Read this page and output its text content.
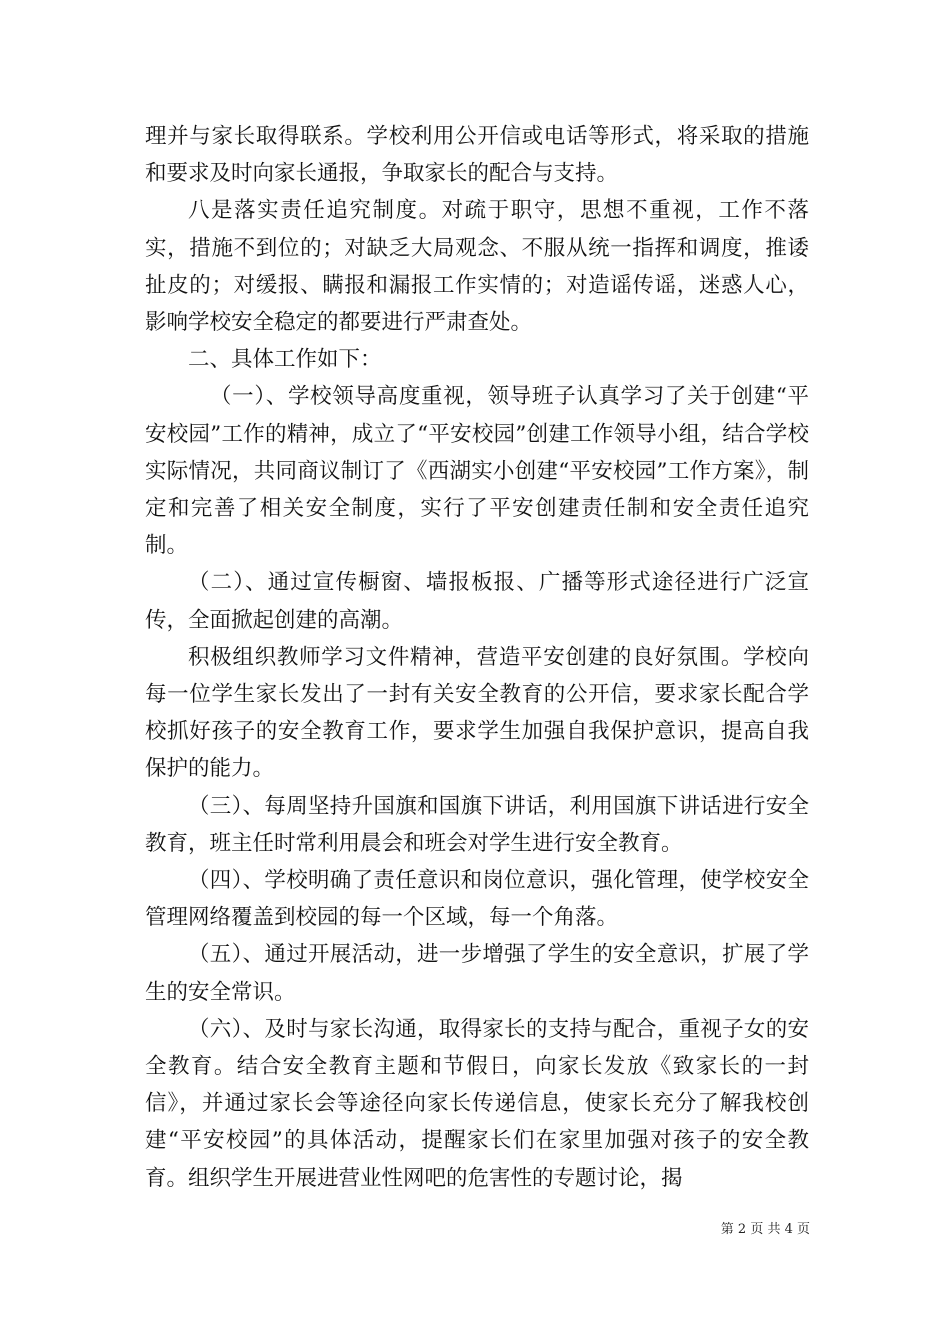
理并与家长取得联系。学校利用公开信或电话等形式，将采取的措施和要求及时向家长通报，争取家长的配合与支持。

八是落实责任追究制度。对疏于职守，思想不重视，工作不落实，措施不到位的；对缺乏大局观念、不服从统一指挥和调度，推诿扯皮的；对缓报、瞒报和漏报工作实情的；对造谣传谣，迷惑人心，影响学校安全稳定的都要进行严肃查处。

二、具体工作如下：

（一）、学校领导高度重视，领导班子认真学习了关于创建“平安校园”工作的精神，成立了“平安校园”创建工作领导小组，结合学校实际情况，共同商议制订了《西湖实小创建“平安校园”工作方案》，制定和完善了相关安全制度，实行了平安创建责任制和安全责任追究制。

（二）、通过宣传橱窗、墙报板报、广播等形式途径进行广泛宣传，全面掀起创建的高潮。

积极组织教师学习文件精神，营造平安创建的良好氛围。学校向每一位学生家长发出了一封有关安全教育的公开信，要求家长配合学校抓好孩子的安全教育工作，要求学生加强自我保护意识，提高自我保护的能力。

（三）、每周坚持升国旗和国旗下讲话，利用国旗下讲话进行安全教育，班主任时常利用晨会和班会对学生进行安全教育。

（四）、学校明确了责任意识和岗位意识，强化管理，使学校安全管理网络覆盖到校园的每一个区域，每一个角落。

（五）、通过开展活动，进一步增强了学生的安全意识，扩展了学生的安全常识。

（六）、及时与家长沟通，取得家长的支持与配合，重视子女的安全教育。结合安全教育主题和节假日，向家长发放《致家长的一封信》，并通过家长会等途径向家长传递信息，使家长充分了解我校创建“平安校园”的具体活动，提醒家长们在家里加强对孩子的安全教育。组织学生开展进营业性网吧的危害性的专题讨论，揭

第 2 页 共 4 页
